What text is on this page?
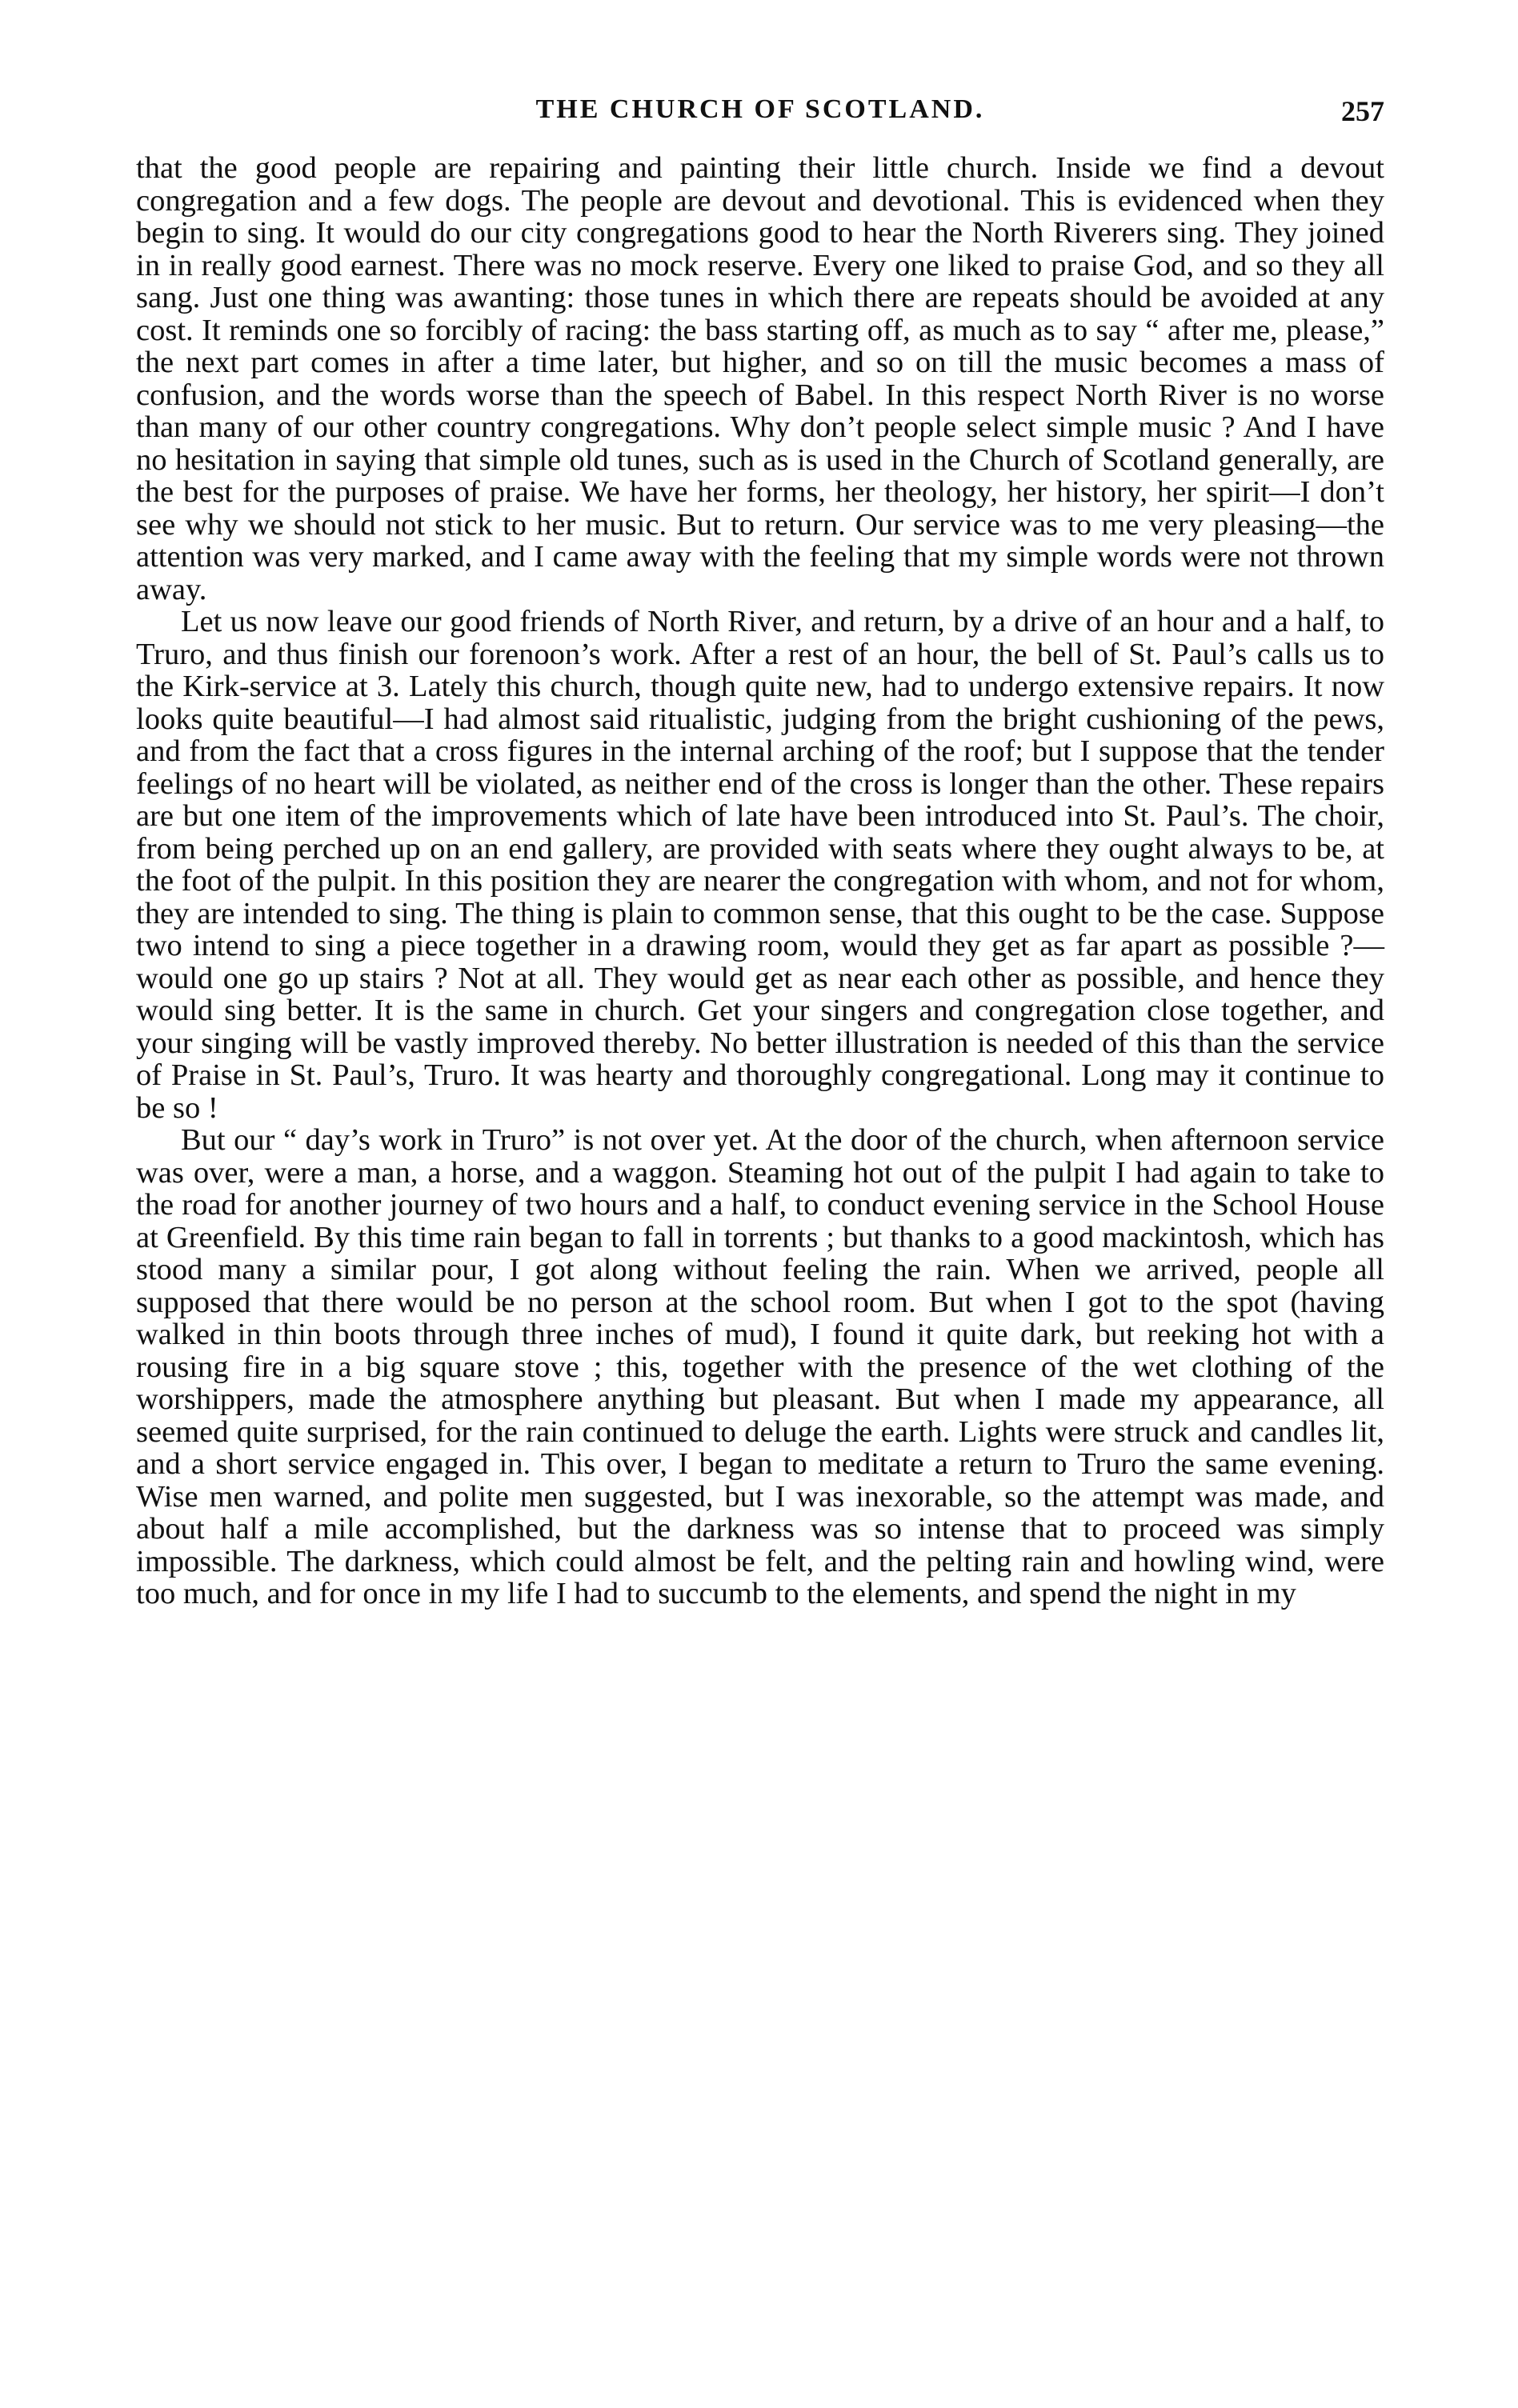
THE CHURCH OF SCOTLAND.	257

that the good people are repairing and painting their little church. Inside we find a devout congregation and a few dogs. The people are devout and devotional. This is evidenced when they begin to sing. It would do our city congregations good to hear the North Riverers sing. They joined in in really good earnest. There was no mock reserve. Every one liked to praise God, and so they all sang. Just one thing was awanting: those tunes in which there are repeats should be avoided at any cost. It reminds one so forcibly of racing: the bass starting off, as much as to say “ after me, please,” the next part comes in after a time later, but higher, and so on till the music becomes a mass of confusion, and the words worse than the speech of Babel. In this respect North River is no worse than many of our other country congregations. Why don’t people select simple music ? And I have no hesitation in saying that simple old tunes, such as is used in the Church of Scotland generally, are the best for the purposes of praise. We have her forms, her theology, her history, her spirit—I don’t see why we should not stick to her music. But to return. Our service was to me very pleasing—the attention was very marked, and I came away with the feeling that my simple words were not thrown away.

Let us now leave our good friends of North River, and return, by a drive of an hour and a half, to Truro, and thus finish our forenoon’s work. After a rest of an hour, the bell of St. Paul’s calls us to the Kirk-service at 3. Lately this church, though quite new, had to undergo extensive repairs. It now looks quite beautiful—I had almost said ritualistic, judging from the bright cushioning of the pews, and from the fact that a cross figures in the internal arching of the roof; but I suppose that the tender feelings of no heart will be violated, as neither end of the cross is longer than the other. These repairs are but one item of the improvements which of late have been introduced into St. Paul’s. The choir, from being perched up on an end gallery, are provided with seats where they ought always to be, at the foot of the pulpit. In this position they are nearer the congregation with whom, and not for whom, they are intended to sing. The thing is plain to common sense, that this ought to be the case. Suppose two intend to sing a piece together in a drawing room, would they get as far apart as possible ?—would one go up stairs ? Not at all. They would get as near each other as possible, and hence they would sing better. It is the same in church. Get your singers and congregation close together, and your singing will be vastly improved thereby. No better illustration is needed of this than the service of Praise in St. Paul’s, Truro. It was hearty and thoroughly congregational. Long may it continue to be so !

But our “ day’s work in Truro” is not over yet. At the door of the church, when afternoon service was over, were a man, a horse, and a waggon. Steaming hot out of the pulpit I had again to take to the road for another journey of two hours and a half, to conduct evening service in the School House at Greenfield. By this time rain began to fall in torrents ; but thanks to a good mackintosh, which has stood many a similar pour, I got along without feeling the rain. When we arrived, people all supposed that there would be no person at the school room. But when I got to the spot (having walked in thin boots through three inches of mud), I found it quite dark, but reeking hot with a rousing fire in a big square stove ; this, together with the presence of the wet clothing of the worshippers, made the atmosphere anything but pleasant. But when I made my appearance, all seemed quite surprised, for the rain continued to deluge the earth. Lights were struck and candles lit, and a short service engaged in. This over, I began to meditate a return to Truro the same evening. Wise men warned, and polite men suggested, but I was inexorable, so the attempt was made, and about half a mile accomplished, but the darkness was so intense that to proceed was simply impossible. The darkness, which could almost be felt, and the pelting rain and howling wind, were too much, and for once in my life I had to succumb to the elements, and spend the night in my
